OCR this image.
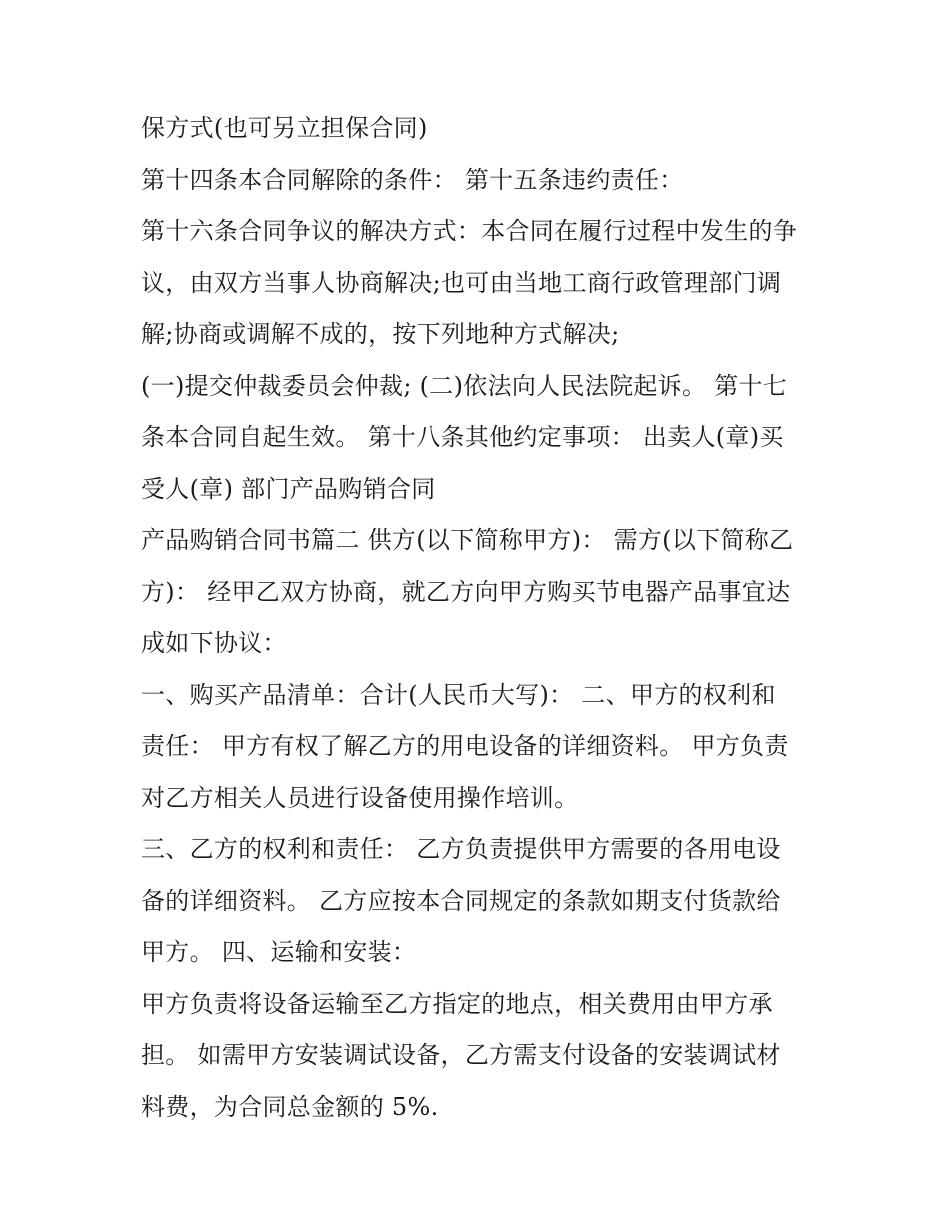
保方式(也可另立担保合同)
第十四条本合同解除的条件： 第十五条违约责任：
第十六条合同争议的解决方式：本合同在履行过程中发生的争
议，由双方当事人协商解决;也可由当地工商行政管理部门调
解;协商或调解不成的，按下列地种方式解决;
(一)提交仲裁委员会仲裁; (二)依法向人民法院起诉。 第十七
条本合同自起生效。 第十八条其他约定事项： 出卖人(章)买
受人(章) 部门产品购销合同
产品购销合同书篇二 供方(以下简称甲方)： 需方(以下简称乙
方)： 经甲乙双方协商，就乙方向甲方购买节电器产品事宜达
成如下协议：
一、购买产品清单：合计(人民币大写)： 二、甲方的权利和
责任： 甲方有权了解乙方的用电设备的详细资料。 甲方负责
对乙方相关人员进行设备使用操作培训。
三、乙方的权利和责任： 乙方负责提供甲方需要的各用电设
备的详细资料。 乙方应按本合同规定的条款如期支付货款给
甲方。 四、运输和安装：
甲方负责将设备运输至乙方指定的地点，相关费用由甲方承
担。 如需甲方安装调试设备，乙方需支付设备的安装调试材
料费，为合同总金额的 5%.
